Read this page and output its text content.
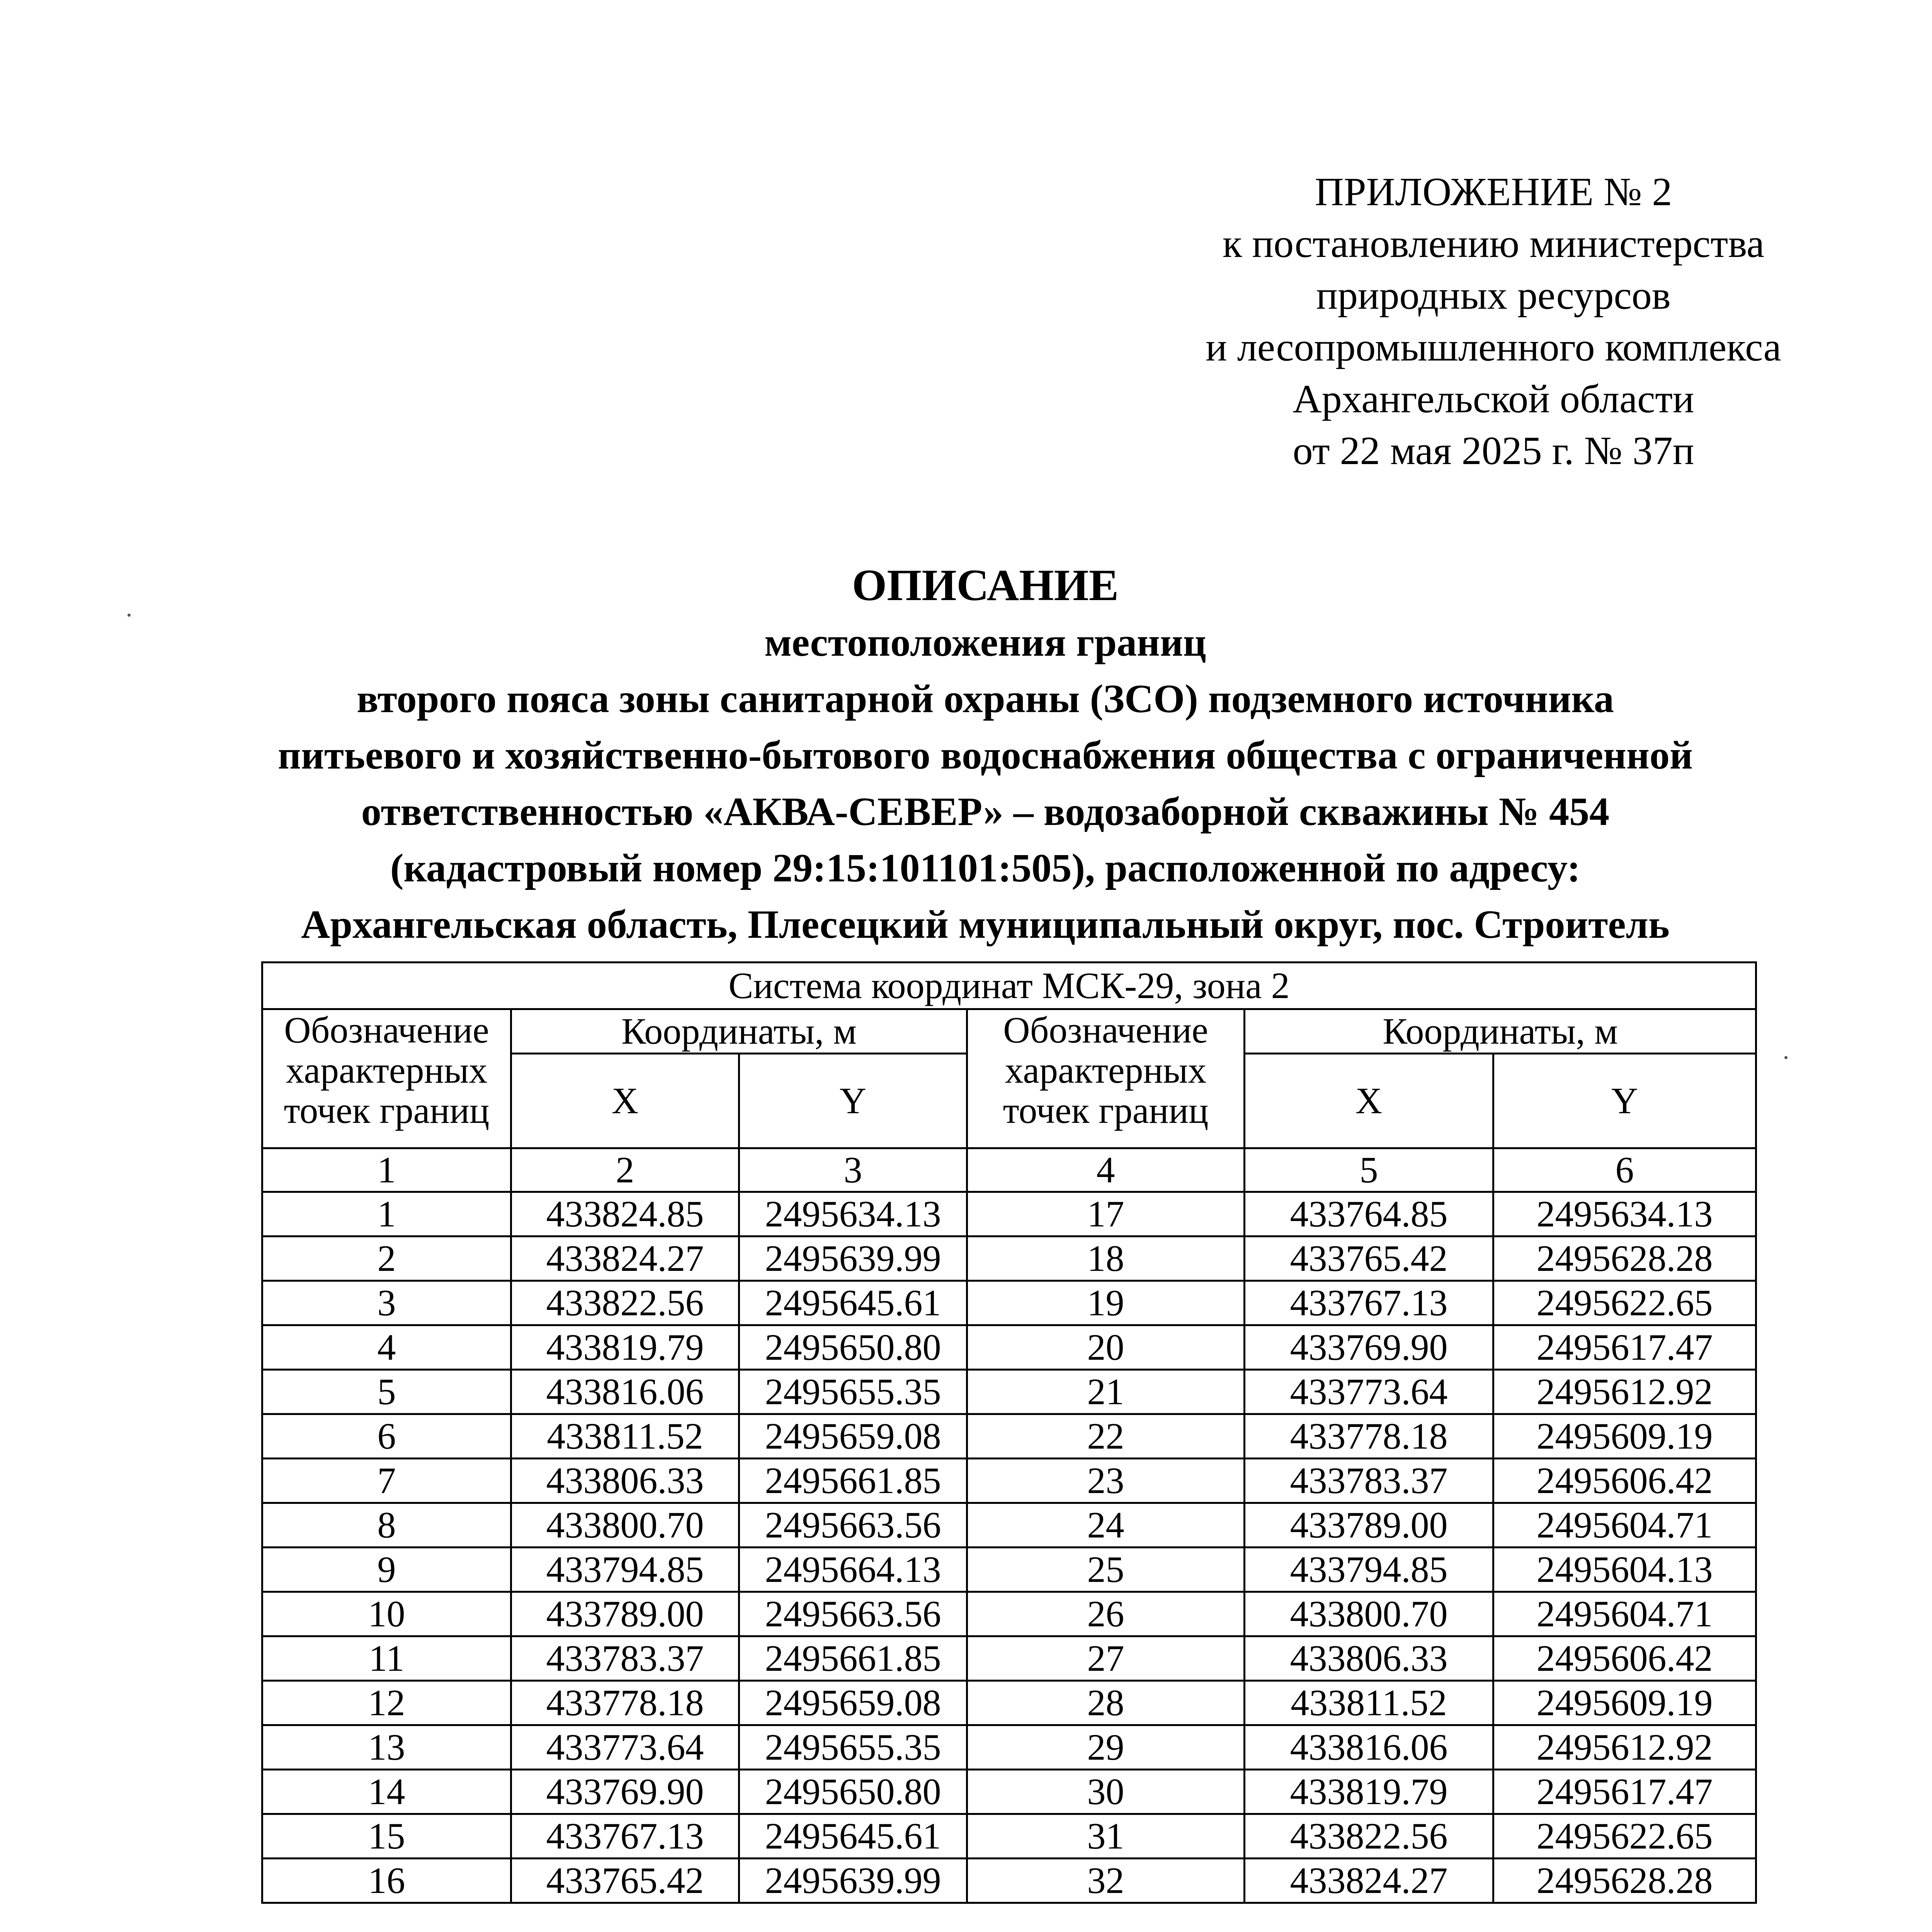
ПРИЛОЖЕНИЕ № 2
к постановлению министерства
природных ресурсов
и лесопромышленного комплекса
Архангельской области
от 22 мая 2025 г. № 37п
ОПИСАНИЕ
местоположения границ
второго пояса зоны санитарной охраны (ЗСО) подземного источника
питьевого и хозяйственно-бытового водоснабжения общества с ограниченной
ответственностью «АКВА-СЕВЕР» – водозаборной скважины № 454
(кадастровый номер 29:15:101101:505), расположенной по адресу:
Архангельская область, Плесецкий муниципальный округ, пос. Строитель
Система координат МСК-29, зона 2					
Обозначение характерных точек границ	Координаты, м		Обозначение характерных точек границ	Координаты, м	
	X	Y		X	Y
1	2	3	4	5	6
1	433824.85	2495634.13	17	433764.85	2495634.13
2	433824.27	2495639.99	18	433765.42	2495628.28
3	433822.56	2495645.61	19	433767.13	2495622.65
4	433819.79	2495650.80	20	433769.90	2495617.47
5	433816.06	2495655.35	21	433773.64	2495612.92
6	433811.52	2495659.08	22	433778.18	2495609.19
7	433806.33	2495661.85	23	433783.37	2495606.42
8	433800.70	2495663.56	24	433789.00	2495604.71
9	433794.85	2495664.13	25	433794.85	2495604.13
10	433789.00	2495663.56	26	433800.70	2495604.71
11	433783.37	2495661.85	27	433806.33	2495606.42
12	433778.18	2495659.08	28	433811.52	2495609.19
13	433773.64	2495655.35	29	433816.06	2495612.92
14	433769.90	2495650.80	30	433819.79	2495617.47
15	433767.13	2495645.61	31	433822.56	2495622.65
16	433765.42	2495639.99	32	433824.27	2495628.28
